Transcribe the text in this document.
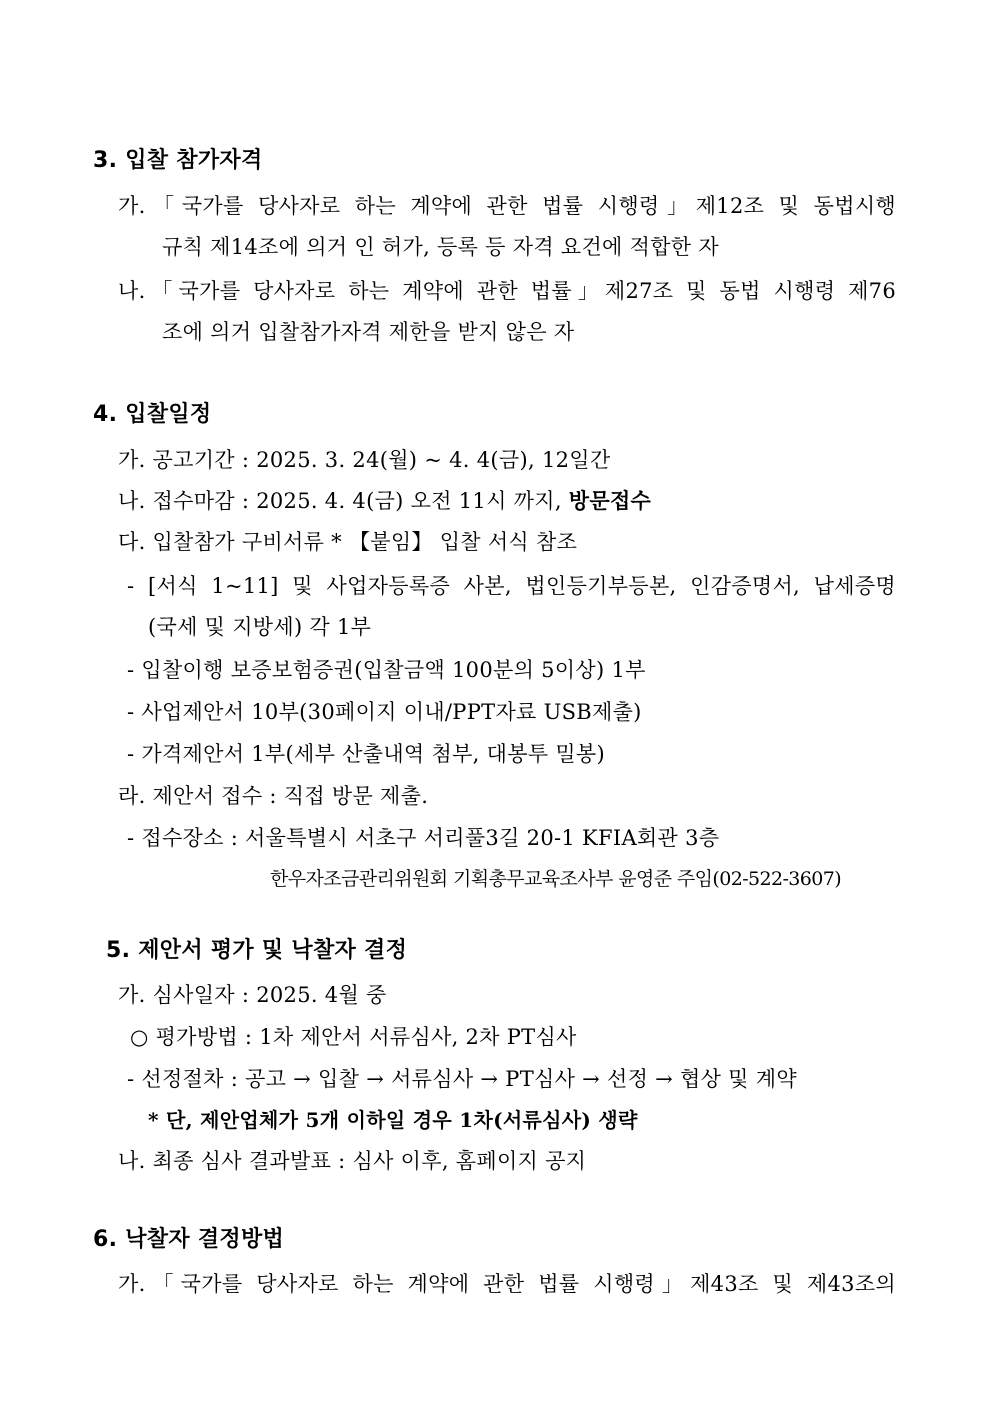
3. 입찰 참가자격
가.「국가를 당사자로 하는 계약에 관한 법률 시행령」제12조 및 동법시행
규칙 제14조에 의거 인 허가, 등록 등 자격 요건에 적합한 자
나.「국가를 당사자로 하는 계약에 관한 법률」제27조 및 동법 시행령 제76
조에 의거 입찰참가자격 제한을 받지 않은 자
4. 입찰일정
가. 공고기간 : 2025. 3. 24(월) ~ 4. 4(금), 12일간
나. 접수마감 : 2025. 4. 4(금) 오전 11시 까지, 방문접수
다. 입찰참가 구비서류 * 【붙임】 입찰 서식 참조
- [서식 1~11] 및 사업자등록증 사본, 법인등기부등본, 인감증명서, 납세증명
(국세 및 지방세) 각 1부
- 입찰이행 보증보험증권(입찰금액 100분의 5이상) 1부
- 사업제안서 10부(30페이지 이내/PPT자료 USB제출)
- 가격제안서 1부(세부 산출내역 첨부, 대봉투 밀봉)
라. 제안서 접수 : 직접 방문 제출.
- 접수장소 : 서울특별시 서초구 서리풀3길 20-1 KFIA회관 3층
한우자조금관리위원회 기획총무교육조사부 윤영준 주임(02-522-3607)
5. 제안서 평가 및 낙찰자 결정
가. 심사일자 : 2025. 4월 중
○ 평가방법 : 1차 제안서 서류심사, 2차 PT심사
- 선정절차 : 공고 → 입찰 → 서류심사 → PT심사 → 선정 → 협상 및 계약
* 단, 제안업체가 5개 이하일 경우 1차(서류심사) 생략
나. 최종 심사 결과발표 : 심사 이후, 홈페이지 공지
6. 낙찰자 결정방법
가.「국가를 당사자로 하는 계약에 관한 법률 시행령」제43조 및 제43조의
